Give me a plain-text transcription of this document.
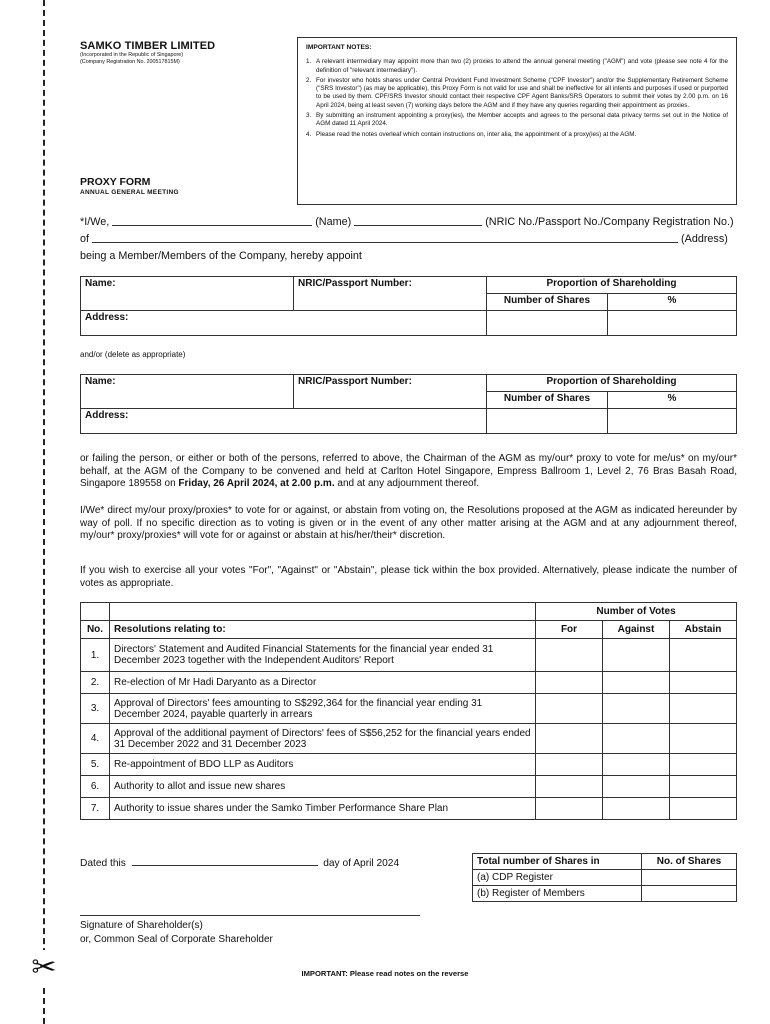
✂
SAMKO TIMBER LIMITED
(Incorporated in the Republic of Singapore)
(Company Registration No. 200517815M)
PROXY FORM
ANNUAL GENERAL MEETING
IMPORTANT NOTES:
1. A relevant intermediary may appoint more than two (2) proxies to attend the annual general meeting ("AGM") and vote (please see note 4 for the definition of "relevant intermediary").
2. For investor who holds shares under Central Provident Fund Investment Scheme ("CPF Investor") and/or the Supplementary Retirement Scheme ("SRS Investor") (as may be applicable), this Proxy Form is not valid for use and shall be ineffective for all intents and purposes if used or purported to be used by them. CPF/SRS Investor should contact their respective CPF Agent Banks/SRS Operators to submit their votes by 2.00 p.m. on 16 April 2024, being at least seven (7) working days before the AGM and if they have any queries regarding their appointment as proxies.
3. By submitting an instrument appointing a proxy(ies), the Member accepts and agrees to the personal data privacy terms set out in the Notice of AGM dated 11 April 2024.
4. Please read the notes overleaf which contain instructions on, inter alia, the appointment of a proxy(ies) at the AGM.
*I/We,

	(Name)

	(NRIC No./Passport No./Company Registration No.)
of

	(Address)
being a Member/Members of the Company, hereby appoint
Name:	NRIC/Passport Number:	Proportion of Shareholding	
		Number of Shares	%
Address:			
and/or (delete as appropriate)
Name:	NRIC/Passport Number:	Proportion of Shareholding	
		Number of Shares	%
Address:			
or failing the person, or either or both of the persons, referred to above, the Chairman of the AGM as my/our* proxy to vote for me/us* on my/our* behalf, at the AGM of the Company to be convened and held at Carlton Hotel Singapore, Empress Ballroom 1, Level 2, 76 Bras Basah Road, Singapore 189558 on Friday, 26 April 2024, at 2.00 p.m. and at any adjournment thereof.
I/We* direct my/our proxy/proxies* to vote for or against, or abstain from voting on, the Resolutions proposed at the AGM as indicated hereunder by way of poll. If no specific direction as to voting is given or in the event of any other matter arising at the AGM and at any adjournment thereof, my/our* proxy/proxies* will vote for or against or abstain at his/her/their* discretion.
If you wish to exercise all your votes "For", "Against" or "Abstain", please tick within the box provided. Alternatively, please indicate the number of votes as appropriate.
		Number of Votes		
No.	Resolutions relating to:	For	Against	Abstain
1.	Directors' Statement and Audited Financial Statements for the financial year ended 31 December 2023 together with the Independent Auditors' Report			
2.	Re-election of Mr Hadi Daryanto as a Director			
3.	Approval of Directors' fees amounting to S$292,364 for the financial year ending 31 December 2024, payable quarterly in arrears			
4.	Approval of the additional payment of Directors' fees of S$56,252 for the financial years ended 31 December 2022 and 31 December 2023			
5.	Re-appointment of BDO LLP as Auditors			
6.	Authority to allot and issue new shares			
7.	Authority to issue shares under the Samko Timber Performance Share Plan			
Dated this	day of April 2024	Total number of Shares in	No. of Shares
(a) CDP Register	
(b) Register of Members	
Signature of Shareholder(s)
or, Common Seal of Corporate Shareholder
IMPORTANT: Please read notes on the reverse
